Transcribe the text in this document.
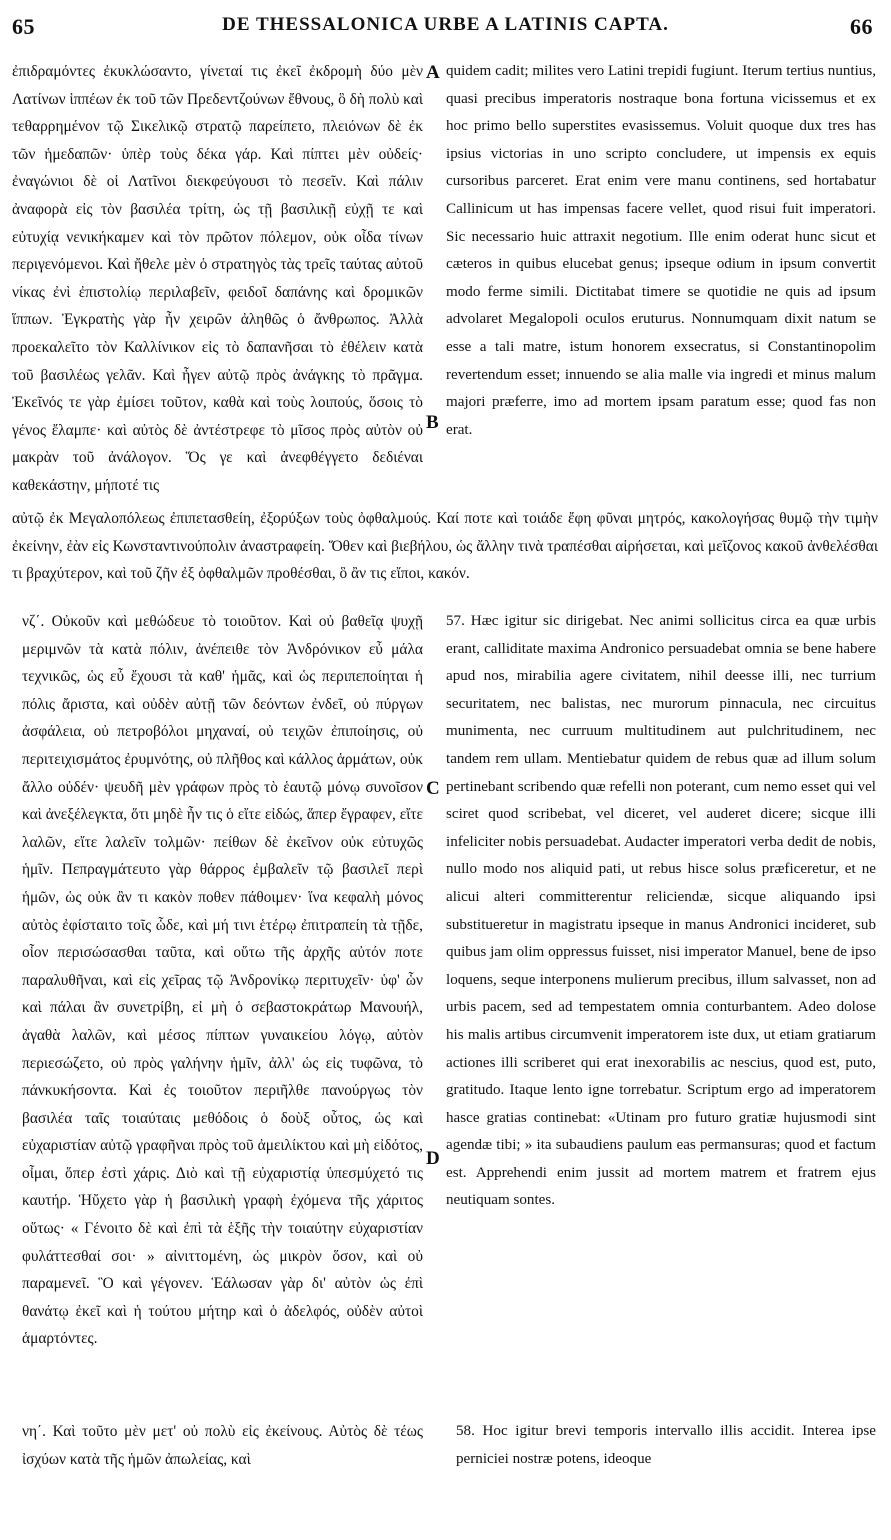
65	DE THESSALONICA URBE A LATINIS CAPTA.	66
ἐπιδραμόντες ἐκυκλώσαντο, γίνεταί τις ἐκεῖ ἐκδρομὴ δύο μὲν Λατίνων ἱππέων ἐκ τοῦ τῶν Πρεδεντζούνων ἔθνους, ὃ δὴ πολὺ καὶ τεθαρρημένον τῷ Σικελικῷ στρατῷ παρείπετο, πλειόνων δὲ ἐκ τῶν ἡμεδαπῶν· ὑπὲρ τοὺς δέκα γάρ. Καὶ πίπτει μὲν οὐδείς· ἐναγώνιοι δὲ οἱ Λατῖνοι διεκφεύγουσι τὸ πεσεῖν. Καὶ πάλιν ἀναφορὰ εἰς τὸν βασιλέα τρίτη, ὡς τῇ βασιλικῇ εὐχῇ τε καὶ εὐτυχίᾳ νενικήκαμεν καὶ τὸν πρῶτον πόλεμον, οὐκ οἶδα τίνων περιγενόμενοι. Καὶ ἤθελε μὲν ὁ στρατηγὸς τὰς τρεῖς ταύτας αὐτοῦ νίκας ἐνὶ ἐπιστολίῳ περιλαβεῖν, φειδοῖ δαπάνης καὶ δρομικῶν ἵππων. Ἐγκρατὴς γὰρ ἦν χειρῶν ἀληθῶς ὁ ἄνθρωπος. Ἀλλὰ προεκαλεῖτο τὸν Καλλίνικον εἰς τὸ δαπανῆσαι τὸ ἐθέλειν κατὰ τοῦ βασιλέως γελᾶν. Καὶ ἦγεν αὐτῷ πρὸς ἀνάγκης τὸ πρᾶγμα. Ἐκεῖνός τε γὰρ ἐμίσει τοῦτον, καθὰ καὶ τοὺς λοιπούς, ὅσοις τὸ γένος ἔλαμπε· καὶ αὐτὸς δὲ ἀντέστρεφε τὸ μῖσος πρὸς αὐτὸν οὐ μακρὰν τοῦ ἀνάλογον. Ὅς γε καὶ ἀνεφθέγγετο δεδιέναι καθεκάστην, μήποτέ τις
quidem cadit; milites vero Latini trepidi fugiunt. Iterum tertius nuntius, quasi precibus imperatoris nostraque bona fortuna vicissemus et ex hoc primo bello superstites evasissemus. Voluit quoque dux tres has ipsius victorias in uno scripto concludere, ut impensis ex equis cursoribus parceret. Erat enim vere manu continens, sed hortabatur Callinicum ut has impensas facere vellet, quod risui fuit imperatori. Sic necessario huic attraxit negotium. Ille enim oderat hunc sicut et cæteros in quibus elucebat genus; ipseque odium in ipsum convertit modo ferme simili. Dictitabat timere se quotidie ne quis ad ipsum advolaret Megalopoli oculos eruturus. Nonnumquam dixit natum se esse a tali matre, istum honorem exsecratus, si Constantinopolim revertendum esset; innuendo se alia malle via ingredi et minus malum majori præferre, imo ad mortem ipsam paratum esse; quod fas non erat.
A
B
αὐτῷ ἐκ Μεγαλοπόλεως ἐπιπετασθείη, ἐξορύξων τοὺς ὀφθαλμούς. Καί ποτε καὶ τοιάδε ἔφη φῦναι μητρός, κακολογήσας θυμῷ τὴν τιμὴν ἐκείνην, ἐὰν εἰς Κωνσταντινούπολιν ἀναστραφείη. Ὅθεν καὶ βιεβήλου, ὡς ἄλλην τινὰ τραπέσθαι αἱρήσεται, καὶ μεῖζονος κακοῦ ἀνθελέσθαι τι βραχύτερον, καὶ τοῦ ζῆν ἐξ ὀφθαλμῶν προθέσθαι, ὃ ἂν τις εἴποι, κακόν.
νζ΄. Οὐκοῦν καὶ μεθώδευε τὸ τοιοῦτον. Καὶ οὐ βαθεῖᾳ ψυχῇ μεριμνῶν τὰ κατὰ πόλιν, ἀνέπειθε τὸν Ἀνδρόνικον εὖ μάλα τεχνικῶς, ὡς εὖ ἔχουσι τὰ καθ' ἡμᾶς, καὶ ὡς περιπεποίηται ἡ πόλις ἄριστα, καὶ οὐδὲν αὐτῇ τῶν δεόντων ἐνδεῖ, οὐ πύργων ἀσφάλεια, οὐ πετροβόλοι μηχαναί, οὐ τειχῶν ἐπιποίησις, οὐ περιτειχισμάτος ἐρυμνότης, οὐ πλῆθος καὶ κάλλος ἁρμάτων, οὐκ ἄλλο οὐδέν· ψευδῆ μὲν γράφων πρὸς τὸ ἑαυτῷ μόνῳ συνοῖσον καὶ ἀνεξέλεγκτα, ὅτι μηδὲ ἦν τις ὁ εἴτε εἰδώς, ἅπερ ἔγραφεν, εἴτε λαλῶν, εἴτε λαλεῖν τολμῶν· πείθων δὲ ἐκεῖνον οὐκ εὐτυχῶς ἡμῖν. Πεπραγμάτευτο γὰρ θάρρος ἐμβαλεῖν τῷ βασιλεῖ περὶ ἡμῶν, ὡς οὐκ ἂν τι κακὸν ποθεν πάθοιμεν· ἵνα κεφαλὴ μόνος αὐτὸς ἐφίσταιτο τοῖς ὧδε, καὶ μή τινι ἑτέρῳ ἐπιτραπείη τὰ τῇδε, οἷον περισώσασθαι ταῦτα, καὶ οὕτω τῆς ἀρχῆς αὐτόν ποτε παραλυθῆναι, καὶ εἰς χεῖρας τῷ Ἀνδρονίκῳ περιτυχεῖν· ὑφ' ὧν καὶ πάλαι ἂν συνετρίβη, εἰ μὴ ὁ σεβαστοκράτωρ Μανουήλ, ἀγαθὰ λαλῶν, καὶ μέσος πίπτων γυναικείου λόγῳ, αὐτὸν περιεσώζετο, οὐ πρὸς γαλήνην ἡμῖν, ἀλλ' ὡς εἰς τυφῶνα, τὸ πάνκυκήσοντα. Καὶ ἐς τοιοῦτον περιῆλθε πανούργως τὸν βασιλέα ταῖς τοιαύταις μεθόδοις ὁ δοὺξ οὗτος, ὡς καὶ εὐχαριστίαν αὐτῷ γραφῆναι πρὸς τοῦ ἀμειλίκτου καὶ μὴ εἰδότος, οἶμαι, ὅπερ ἐστὶ χάρις. Διὸ καὶ τῇ εὐχαριστίᾳ ὑπεσμύχετό τις καυτήρ. Ἡὔχετο γὰρ ἡ βασιλικὴ γραφὴ ἐχόμενα τῆς χάριτος οὕτως· « Γένοιτο δὲ καὶ ἐπὶ τὰ ἑξῆς τὴν τοιαύτην εὐχαριστίαν φυλάττεσθαί σοι· » αἰνιττομένη, ὡς μικρὸν ὅσον, καὶ οὐ παραμενεῖ. Ὃ καὶ γέγονεν. Ἑάλωσαν γὰρ δι' αὐτὸν ὡς ἐπὶ θανάτῳ ἐκεῖ καὶ ἡ τούτου μήτηρ καὶ ὁ ἀδελφός, οὐδὲν αὐτοὶ ἁμαρτόντες.
57. Hæc igitur sic dirigebat. Nec animi sollicitus circa ea quæ urbis erant, calliditate maxima Andronico persuadebat omnia se bene habere apud nos, mirabilia agere civitatem, nihil deesse illi, nec turrium securitatem, nec balistas, nec murorum pinnacula, nec circuitus munimenta, nec curruum multitudinem aut pulchritudinem, nec tandem rem ullam. Mentiebatur quidem de rebus quæ ad illum solum pertinebant scribendo quæ refelli non poterant, cum nemo esset qui vel sciret quod scribebat, vel diceret, vel auderet dicere; sicque illi infeliciter nobis persuadebat. Audacter imperatori verba dedit de nobis, nullo modo nos aliquid pati, ut rebus hisce solus præficeretur, et ne alicui alteri committerentur reliciendæ, sicque aliquando ipsi substitueretur in magistratu ipseque in manus Andronici incideret, sub quibus jam olim oppressus fuisset, nisi imperator Manuel, bene de ipso loquens, seque interponens mulierum precibus, illum salvasset, non ad urbis pacem, sed ad tempestatem omnia conturbantem. Adeo dolose his malis artibus circumvenit imperatorem iste dux, ut etiam gratiarum actiones illi scriberet qui erat inexorabilis ac nescius, quod est, puto, gratitudo. Itaque lento igne torrebatur. Scriptum ergo ad imperatorem hasce gratias continebat: «Utinam pro futuro gratiæ hujusmodi sint agendæ tibi; » ita subaudiens paulum eas permansuras; quod et factum est. Apprehendi enim jussit ad mortem matrem et fratrem ejus neutiquam sontes.
C
D
νη΄. Καὶ τοῦτο μὲν μετ' οὐ πολὺ εἰς ἐκείνους. Αὐτὸς δὲ τέως ἰσχύων κατὰ τῆς ἡμῶν ἀπωλείας, καὶ
58. Hoc igitur brevi temporis intervallo illis accidit. Interea ipse perniciei nostræ potens, ideoque
